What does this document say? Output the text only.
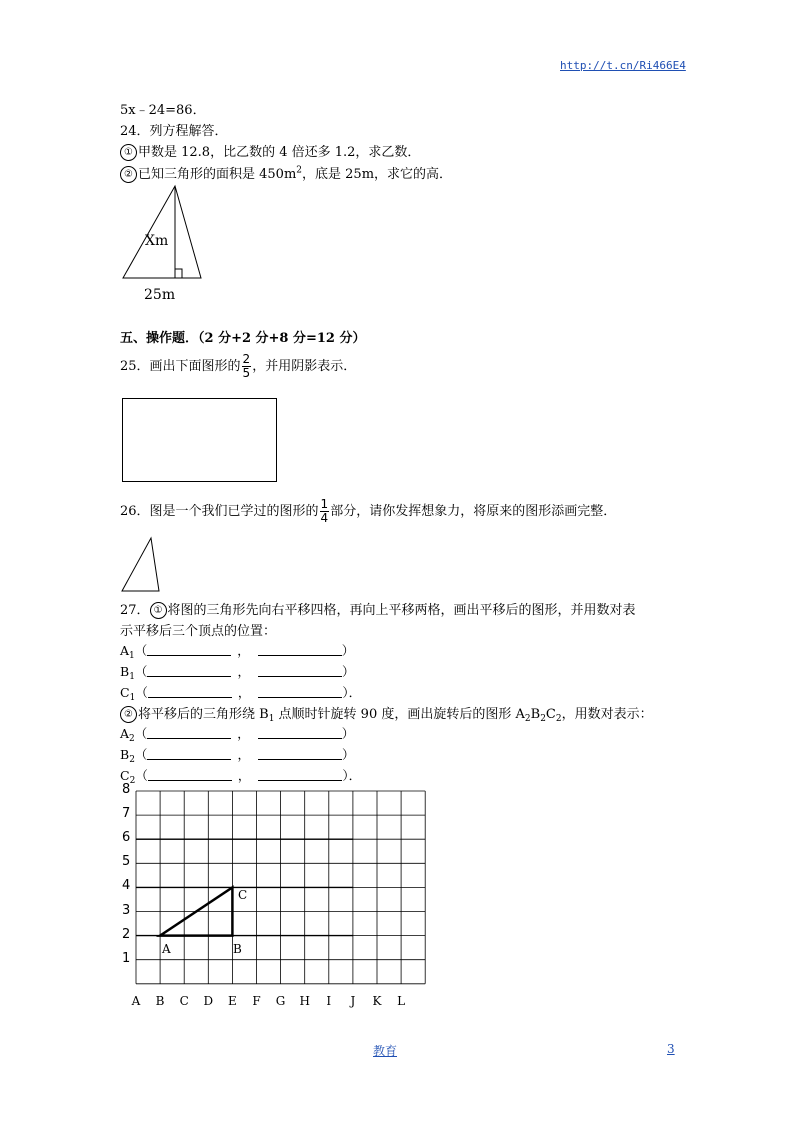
http://t.cn/Ri466E4
5x﹣24=86．
24．列方程解答．
① 甲数是 12.8，比乙数的 4 倍还多 1.2，求乙数．
② 已知三角形的面积是 $450m^2$，底是 25m，求它的高．
Xm
25m
五、操作题．（2 分+2 分+8 分=12 分）
25．画出下面图形的 $\frac{2}{5}$ ，并用阴影表示．
26．图是一个我们已学过的图形的 $\frac{1}{4}$ 部分，请你发挥想象力，将原来的图形添画完整．
27． ① 将图的三角形先向右平移四格，再向上平移两格，画出平移后的图形，并用数对表
示平移后三个顶点的位置：
$A_1$（	，	）
$B_1$（	，	）
$C_1$（	，	）．
② 将平移后的三角形绕 $B_1$ 点顺时针旋转 90 度，画出旋转后的图形 $A_2B_2C_2$，用数对表示：
$A_2$（	，	）
$B_2$（	，	）
$C_2$（	，	）．
8
7
6
5
4
3
2
1
A	B	C	D	E	F	G	H	I	J	K	L
A	B
C
教育	3
